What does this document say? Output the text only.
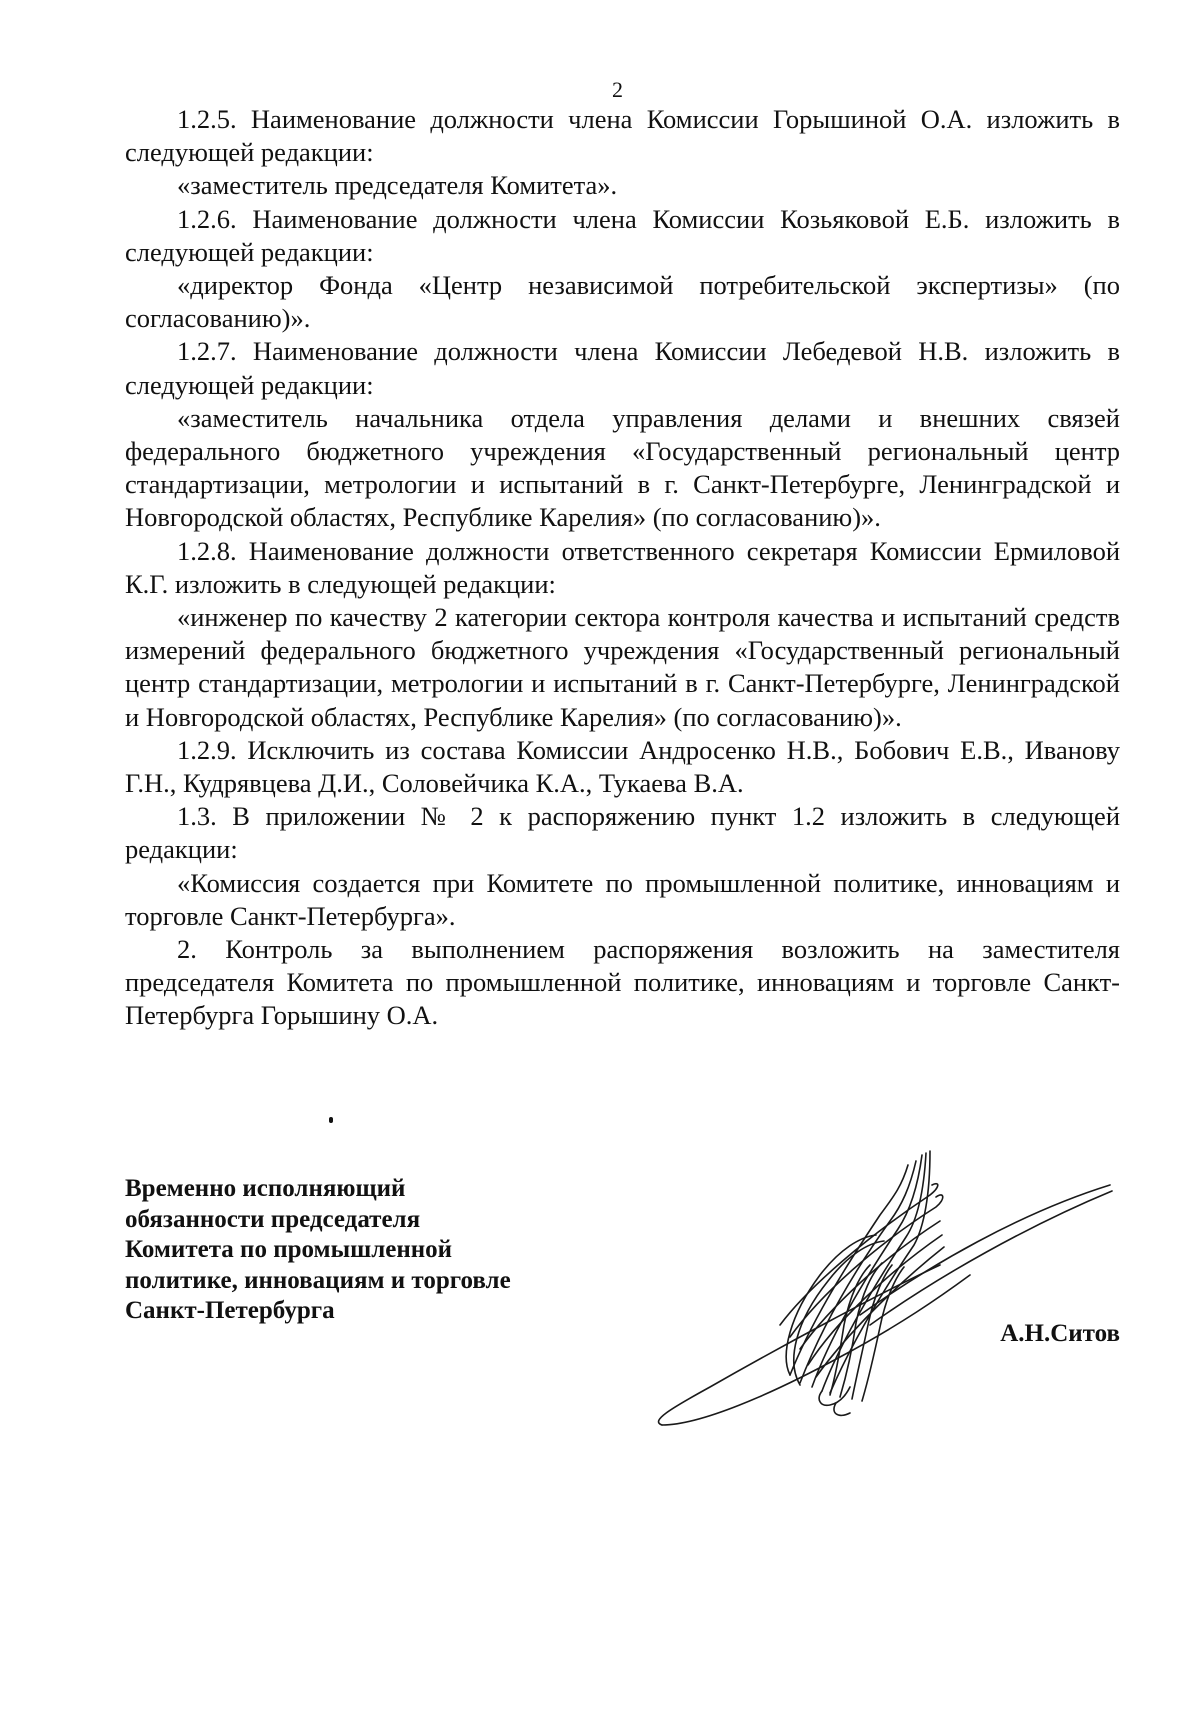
2

1.2.5. Наименование должности члена Комиссии Горышиной О.А. изложить в следующей редакции:

«заместитель председателя Комитета».

1.2.6. Наименование должности члена Комиссии Козьяковой Е.Б. изложить в следующей редакции:

«директор Фонда «Центр независимой потребительской экспертизы» (по согласованию)».

1.2.7. Наименование должности члена Комиссии Лебедевой Н.В. изложить в следующей редакции:

«заместитель начальника отдела управления делами и внешних связей федерального бюджетного учреждения «Государственный региональный центр стандартизации, метрологии и испытаний в г. Санкт-Петербурге, Ленинградской и Новгородской областях, Республике Карелия» (по согласованию)».

1.2.8. Наименование должности ответственного секретаря Комиссии Ермиловой К.Г. изложить в следующей редакции:

«инженер по качеству 2 категории сектора контроля качества и испытаний средств измерений федерального бюджетного учреждения «Государственный региональный центр стандартизации, метрологии и испытаний в г. Санкт-Петербурге, Ленинградской и Новгородской областях, Республике Карелия» (по согласованию)».

1.2.9. Исключить из состава Комиссии Андросенко Н.В., Бобович Е.В., Иванову Г.Н., Кудрявцева Д.И., Соловейчика К.А., Тукаева В.А.

1.3. В приложении № 2 к распоряжению пункт 1.2 изложить в следующей редакции:

«Комиссия создается при Комитете по промышленной политике, инновациям и торговле Санкт-Петербурга».

2. Контроль за выполнением распоряжения возложить на заместителя председателя Комитета по промышленной политике, инновациям и торговле Санкт-Петербурга Горышину О.А.

Временно исполняющий
обязанности председателя
Комитета по промышленной
политике, инновациям и торговле
Санкт-Петербурга
А.Н.Ситов
